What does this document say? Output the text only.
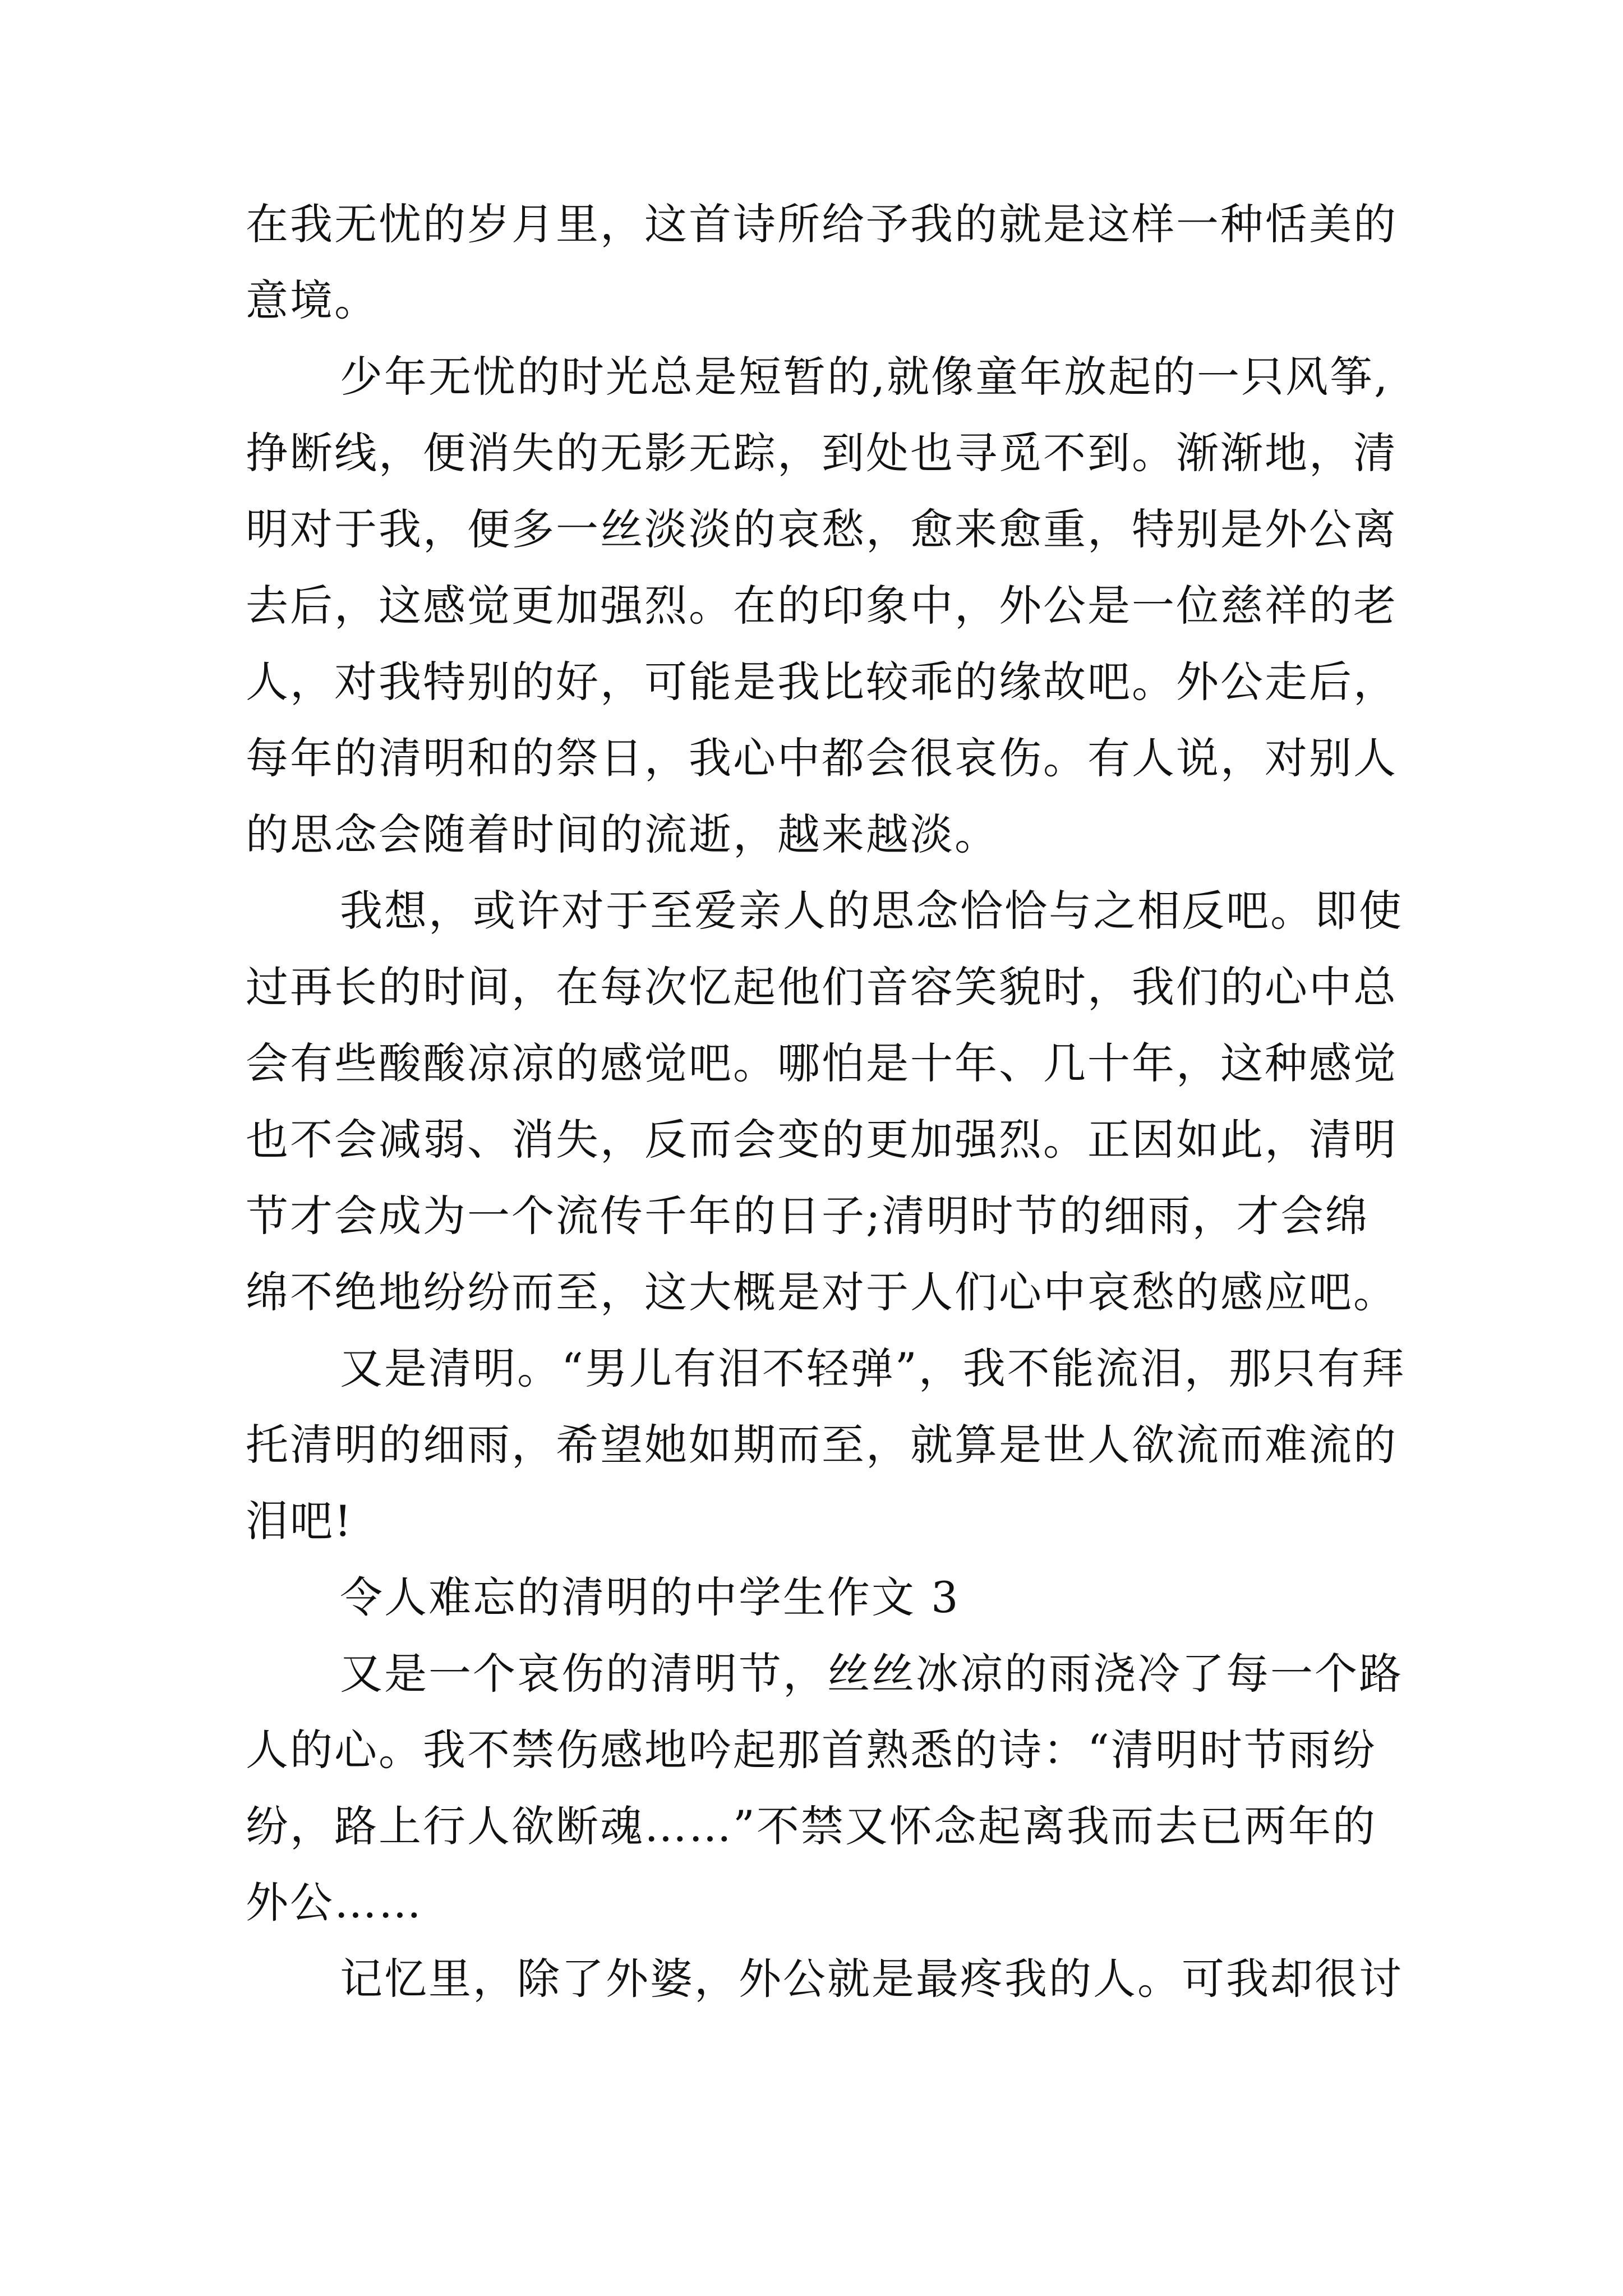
在我无忧的岁月里，这首诗所给予我的就是这样一种恬美的
意境。
少年无忧的时光总是短暂的,就像童年放起的一只风筝,
挣断线，便消失的无影无踪，到处也寻觅不到。渐渐地，清
明对于我，便多一丝淡淡的哀愁，愈来愈重，特别是外公离
去后，这感觉更加强烈。在的印象中，外公是一位慈祥的老
人，对我特别的好，可能是我比较乖的缘故吧。外公走后，
每年的清明和的祭日，我心中都会很哀伤。有人说，对别人
的思念会随着时间的流逝，越来越淡。
我想，或许对于至爱亲人的思念恰恰与之相反吧。即使
过再长的时间，在每次忆起他们音容笑貌时，我们的心中总
会有些酸酸凉凉的感觉吧。哪怕是十年、几十年，这种感觉
也不会减弱、消失，反而会变的更加强烈。正因如此，清明
节才会成为一个流传千年的日子;清明时节的细雨，才会绵
绵不绝地纷纷而至，这大概是对于人们心中哀愁的感应吧。
又是清明。“男儿有泪不轻弹”，我不能流泪，那只有拜
托清明的细雨，希望她如期而至，就算是世人欲流而难流的
泪吧!
令人难忘的清明的中学生作文 3
又是一个哀伤的清明节，丝丝冰凉的雨浇冷了每一个路
人的心。我不禁伤感地吟起那首熟悉的诗：“清明时节雨纷
纷，路上行人欲断魂……”不禁又怀念起离我而去已两年的
外公……
记忆里，除了外婆，外公就是最疼我的人。可我却很讨
